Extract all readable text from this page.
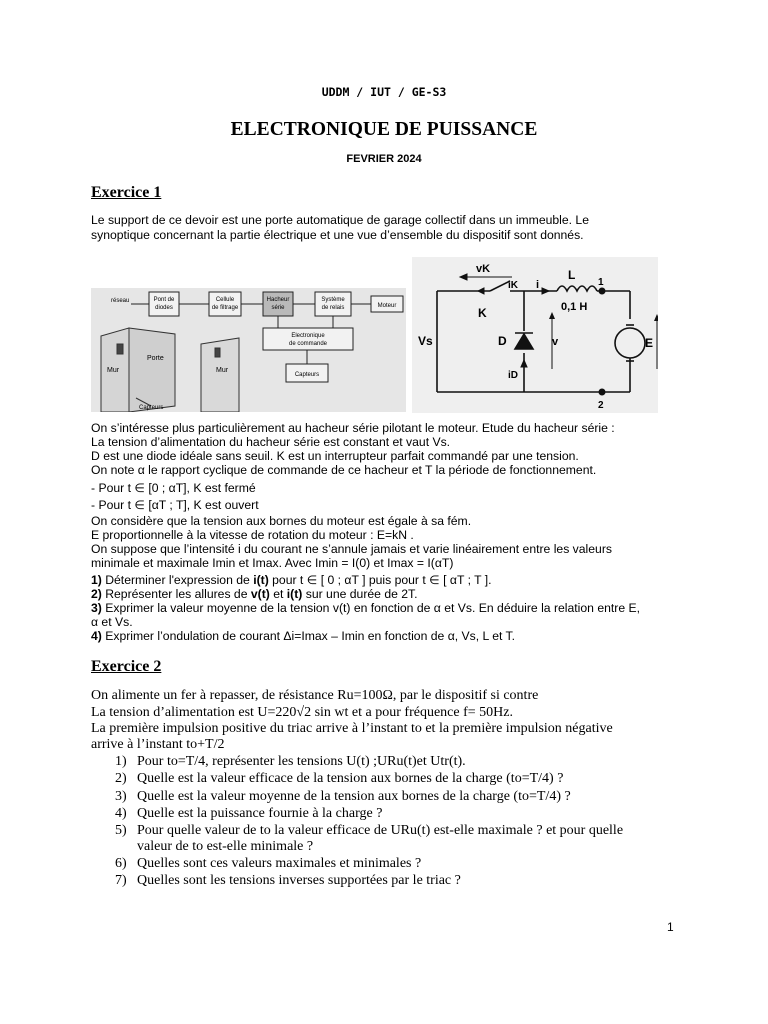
UDDM / IUT / GE-S3
ELECTRONIQUE DE PUISSANCE
FEVRIER 2024
Exercice 1
Le support de ce devoir est une porte automatique de garage collectif dans un immeuble. Le
synoptique concernant la partie électrique et une vue d’ensemble du dispositif sont donnés.
réseau	Pont de
diodes
Cellule
de filtrage
Hacheur
série
Système
de relais	Moteur
Electronique
de commande
Capteurs
Porte
Mur	Mur
Capteurs
vK
iK i
L
0,1 H
1
2
K
D	v
Vs	E
iD
On s’intéresse plus particulièrement au hacheur série pilotant le moteur. Etude du hacheur série :
La tension d’alimentation du hacheur série est constant et vaut Vs.
D est une diode idéale sans seuil. K est un interrupteur parfait commandé par une tension.
On note α le rapport cyclique de commande de ce hacheur et T la période de fonctionnement.
- Pour t ∈ [0 ; αT], K est fermé
- Pour t ∈ [αT ; T], K est ouvert
On considère que la tension aux bornes du moteur est égale à sa fém.
E proportionnelle à la vitesse de rotation du moteur : E=kN .
On suppose que l’intensité i du courant ne s’annule jamais et varie linéairement entre les valeurs
minimale et maximale Imin et Imax. Avec Imin = I(0) et Imax = I(αT)
1) Déterminer l'expression de i(t) pour t ∈ [ 0 ; αT ] puis pour t ∈ [ αT ; T ].
2) Représenter les allures de v(t) et i(t) sur une durée de 2T.
3) Exprimer la valeur moyenne de la tension v(t) en fonction de α et Vs. En déduire la relation entre E,
α et Vs.
4) Exprimer l’ondulation de courant Δi=Imax – Imin en fonction de α, Vs, L et T.
Exercice 2
On alimente un fer à repasser, de résistance Ru=100Ω, par le dispositif si contre
La tension d’alimentation est U=220√2 sin wt et a pour fréquence f= 50Hz.
La première impulsion positive du triac arrive à l’instant to et la première impulsion négative
arrive à l’instant to+T/2
1) Pour to=T/4, représenter les tensions U(t) ;URu(t)et Utr(t).
2) Quelle est la valeur efficace de la tension aux bornes de la charge (to=T/4) ?
3) Quelle est la valeur moyenne de la tension aux bornes de la charge (to=T/4) ?
4) Quelle est la puissance fournie à la charge ?
5) Pour quelle valeur de to la valeur efficace de URu(t) est-elle maximale ? et pour quelle
valeur de to est-elle minimale ?
6) Quelles sont ces valeurs maximales et minimales ?
7) Quelles sont les tensions inverses supportées par le triac ?
1
